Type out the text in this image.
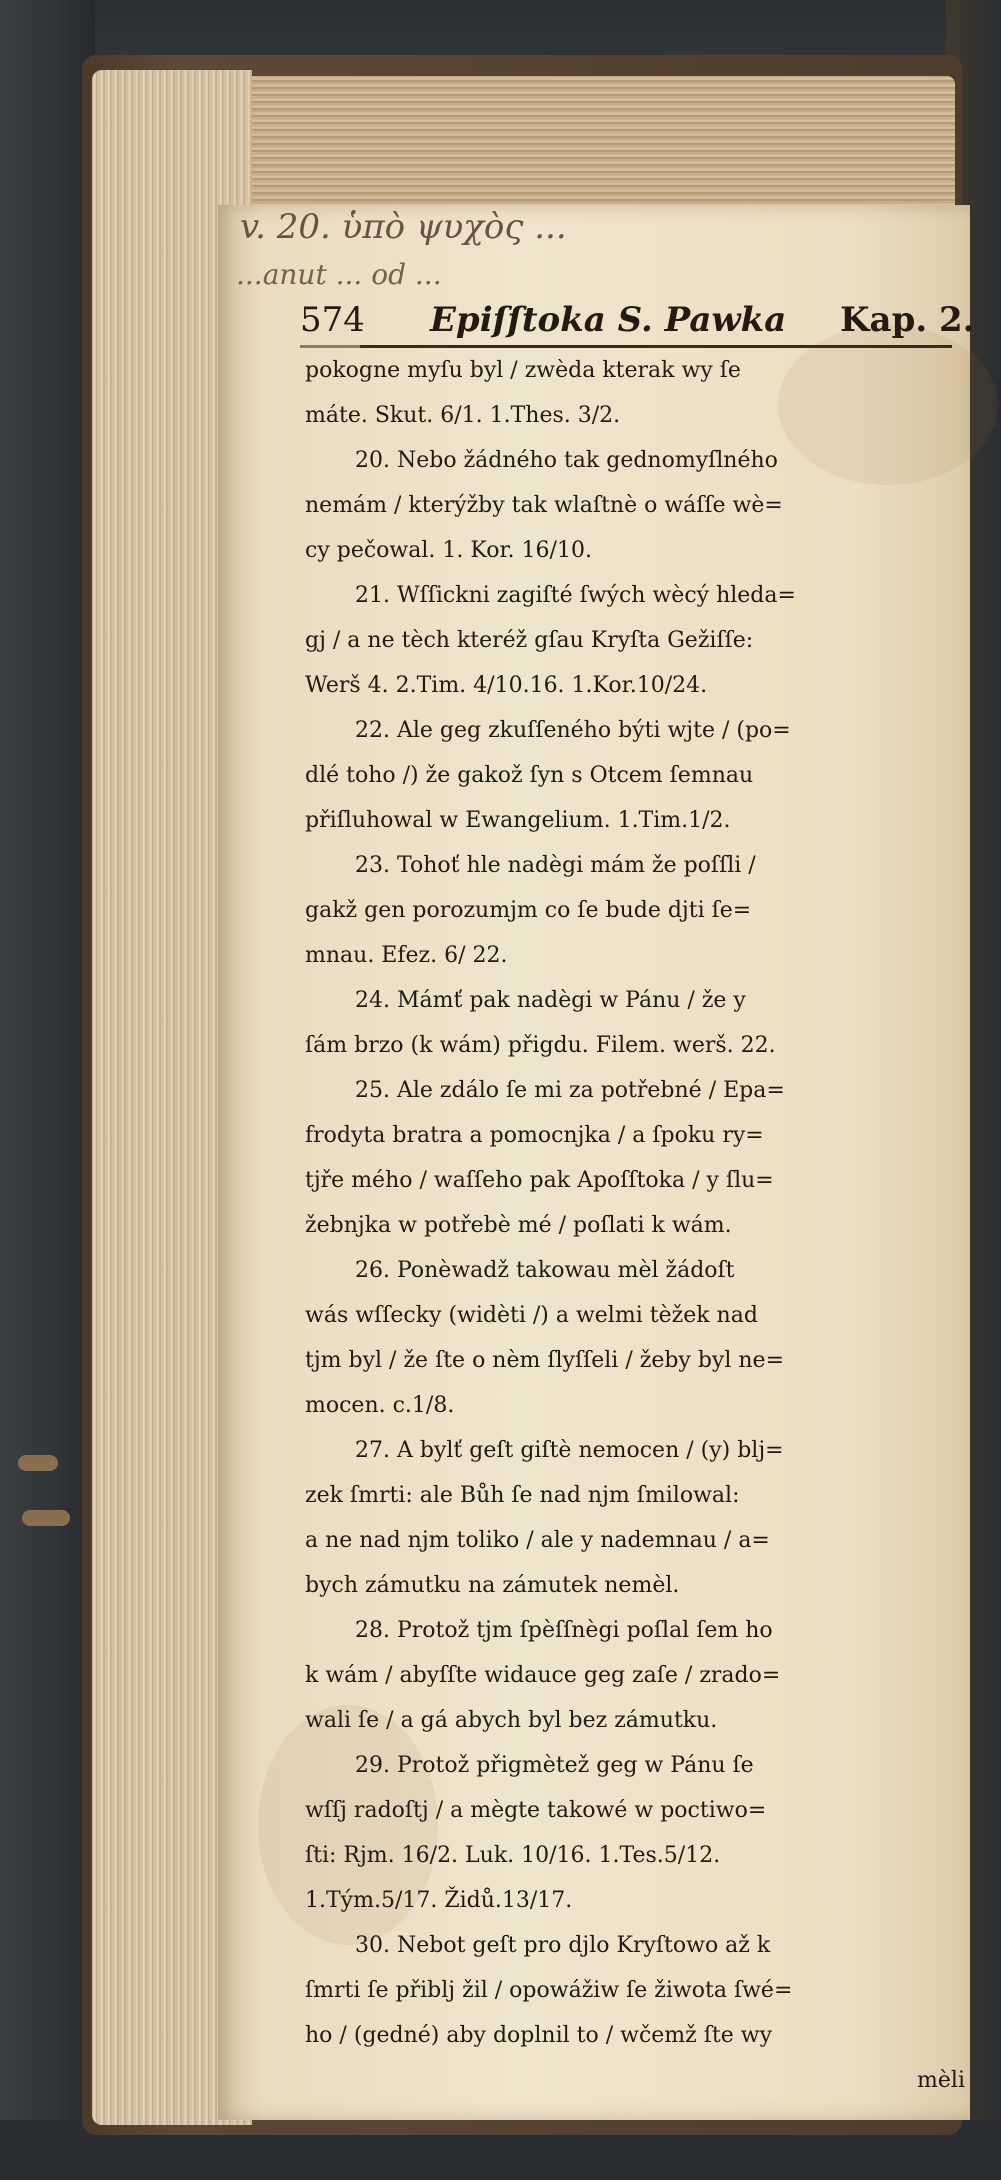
v. 20. ὑπὸ ψυχὸς ...
...anut ... od ...
574 Epiſſtoka S. Pawka Kap. 2.
pokogne myſu byl / zwèda kterak wy ſe
máte. Skut. 6/1. 1.Thes. 3/2.
20. Nebo žádného tak gednomyſlného
nemám / kterýžby tak wlaſtnè o wáſſe wè=
cy pečowal. 1. Kor. 16/10.
21. Wſſickni zagiſté ſwých wècý hleda=
gj / a ne tèch kteréž gſau Kryſta Gežiſſe:
Werš 4. 2.Tim. 4/10.16. 1.Kor.10/24.
22. Ale geg zkuſſeného býti wjte / (po=
dlé toho /) že gakož ſyn s Otcem ſemnau
přiſluhowal w Ewangelium. 1.Tim.1/2.
23. Tohoť hle nadègi mám že poſſli /
gakž gen porozumjm co ſe bude djti ſe=
mnau. Efez. 6/ 22.
24. Mámť pak nadègi w Pánu / že y
ſám brzo (k wám) přigdu. Filem. werš. 22.
25. Ale zdálo ſe mi za potřebné / Epa=
frodyta bratra a pomocnjka / a ſpoku ry=
tjře mého / waſſeho pak Apoſſtoka / y ſlu=
žebnjka w potřebè mé / poſlati k wám.
26. Ponèwadž takowau mèl žádoſt
wás wſſecky (widèti /) a welmi tèžek nad
tjm byl / že ſte o nèm ſlyſſeli / žeby byl ne=
mocen. c.1/8.
27. A bylť geſt giſtè nemocen / (y) blj=
zek ſmrti: ale Bůh ſe nad njm ſmilowal:
a ne nad njm toliko / ale y nademnau / a=
bych zámutku na zámutek nemèl.
28. Protož tjm ſpèſſnègi poſlal ſem ho
k wám / abyſſte widauce geg zaſe / zrado=
wali ſe / a gá abych byl bez zámutku.
29. Protož přigmètež geg w Pánu ſe
wſſj radoſtj / a mègte takowé w poctiwo=
ſti: Rjm. 16/2. Luk. 10/16. 1.Tes.5/12.
1.Tým.5/17. Židů.13/17.
30. Nebot geſt pro djlo Kryſtowo až k
ſmrti ſe přiblj žil / opowážiw ſe žiwota ſwé=
ho / (gedné) aby doplnil to / wčemž ſte wy
mèli
